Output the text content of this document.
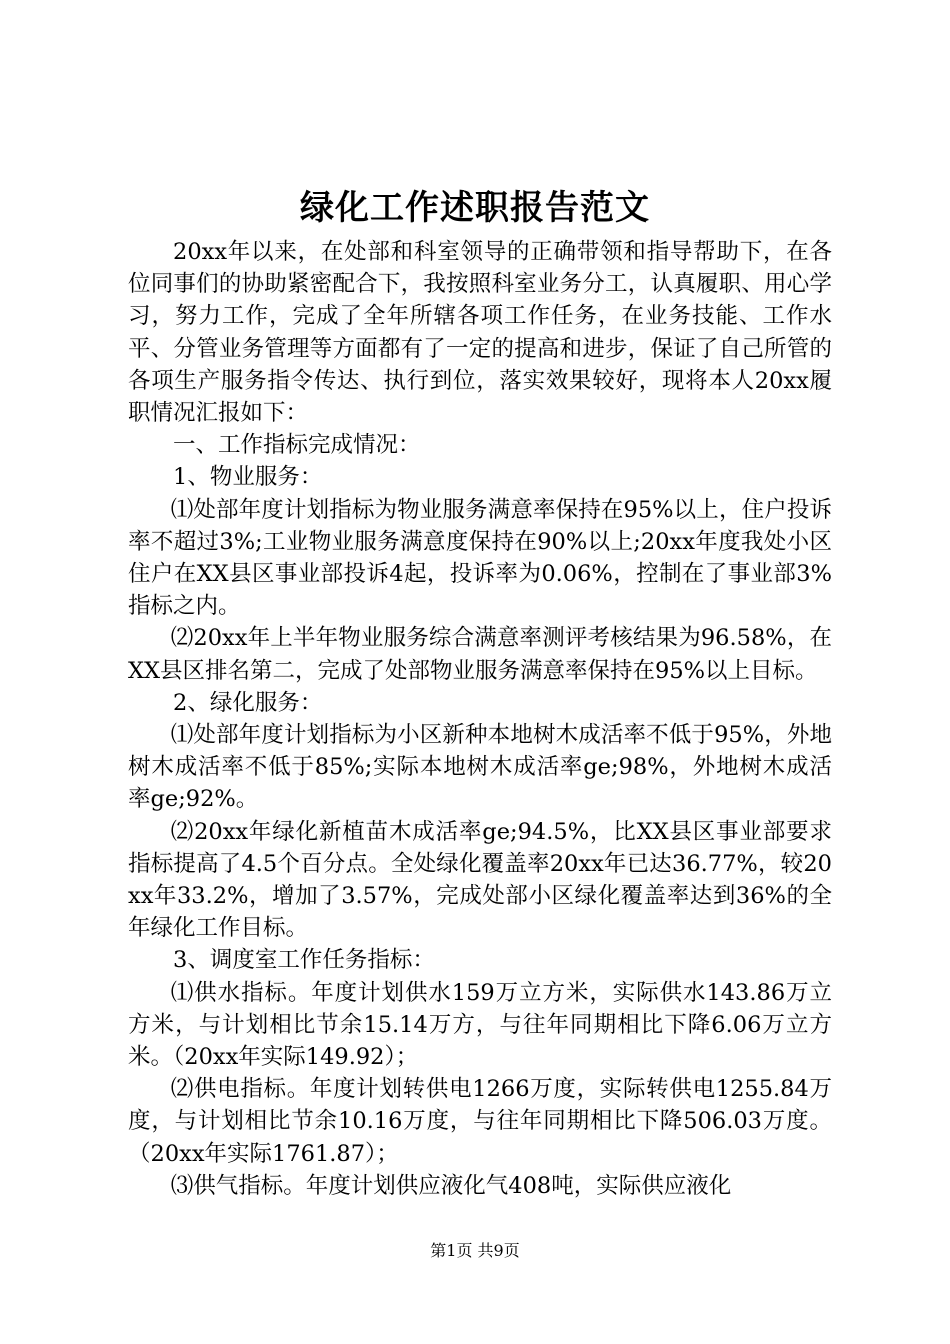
绿化工作述职报告范文

20xx年以来，在处部和科室领导的正确带领和指导帮助下，在各位同事们的协助紧密配合下，我按照科室业务分工，认真履职、用心学习，努力工作，完成了全年所辖各项工作任务，在业务技能、工作水平、分管业务管理等方面都有了一定的提高和进步，保证了自己所管的各项生产服务指令传达、执行到位，落实效果较好，现将本人20xx履职情况汇报如下：

一、工作指标完成情况：

1、物业服务：

⑴处部年度计划指标为物业服务满意率保持在95%以上，住户投诉率不超过3%;工业物业服务满意度保持在90%以上;20xx年度我处小区住户在XX县区事业部投诉4起，投诉率为0.06%，控制在了事业部3%指标之内。

⑵20xx年上半年物业服务综合满意率测评考核结果为96.58%，在XX县区排名第二，完成了处部物业服务满意率保持在95%以上目标。

2、绿化服务：

⑴处部年度计划指标为小区新种本地树木成活率不低于95%，外地树木成活率不低于85%;实际本地树木成活率ge;98%，外地树木成活率ge;92%。

⑵20xx年绿化新植苗木成活率ge;94.5%，比XX县区事业部要求指标提高了4.5个百分点。全处绿化覆盖率20xx年已达36.77%，较20xx年33.2%，增加了3.57%，完成处部小区绿化覆盖率达到36%的全年绿化工作目标。

3、调度室工作任务指标：

⑴供水指标。年度计划供水159万立方米，实际供水143.86万立方米，与计划相比节余15.14万方，与往年同期相比下降6.06万立方米。（20xx年实际149.92）；

⑵供电指标。年度计划转供电1266万度，实际转供电1255.84万度，与计划相比节余10.16万度，与往年同期相比下降506.03万度。（20xx年实际1761.87）；

⑶供气指标。年度计划供应液化气408吨，实际供应液化

第1页 共9页
